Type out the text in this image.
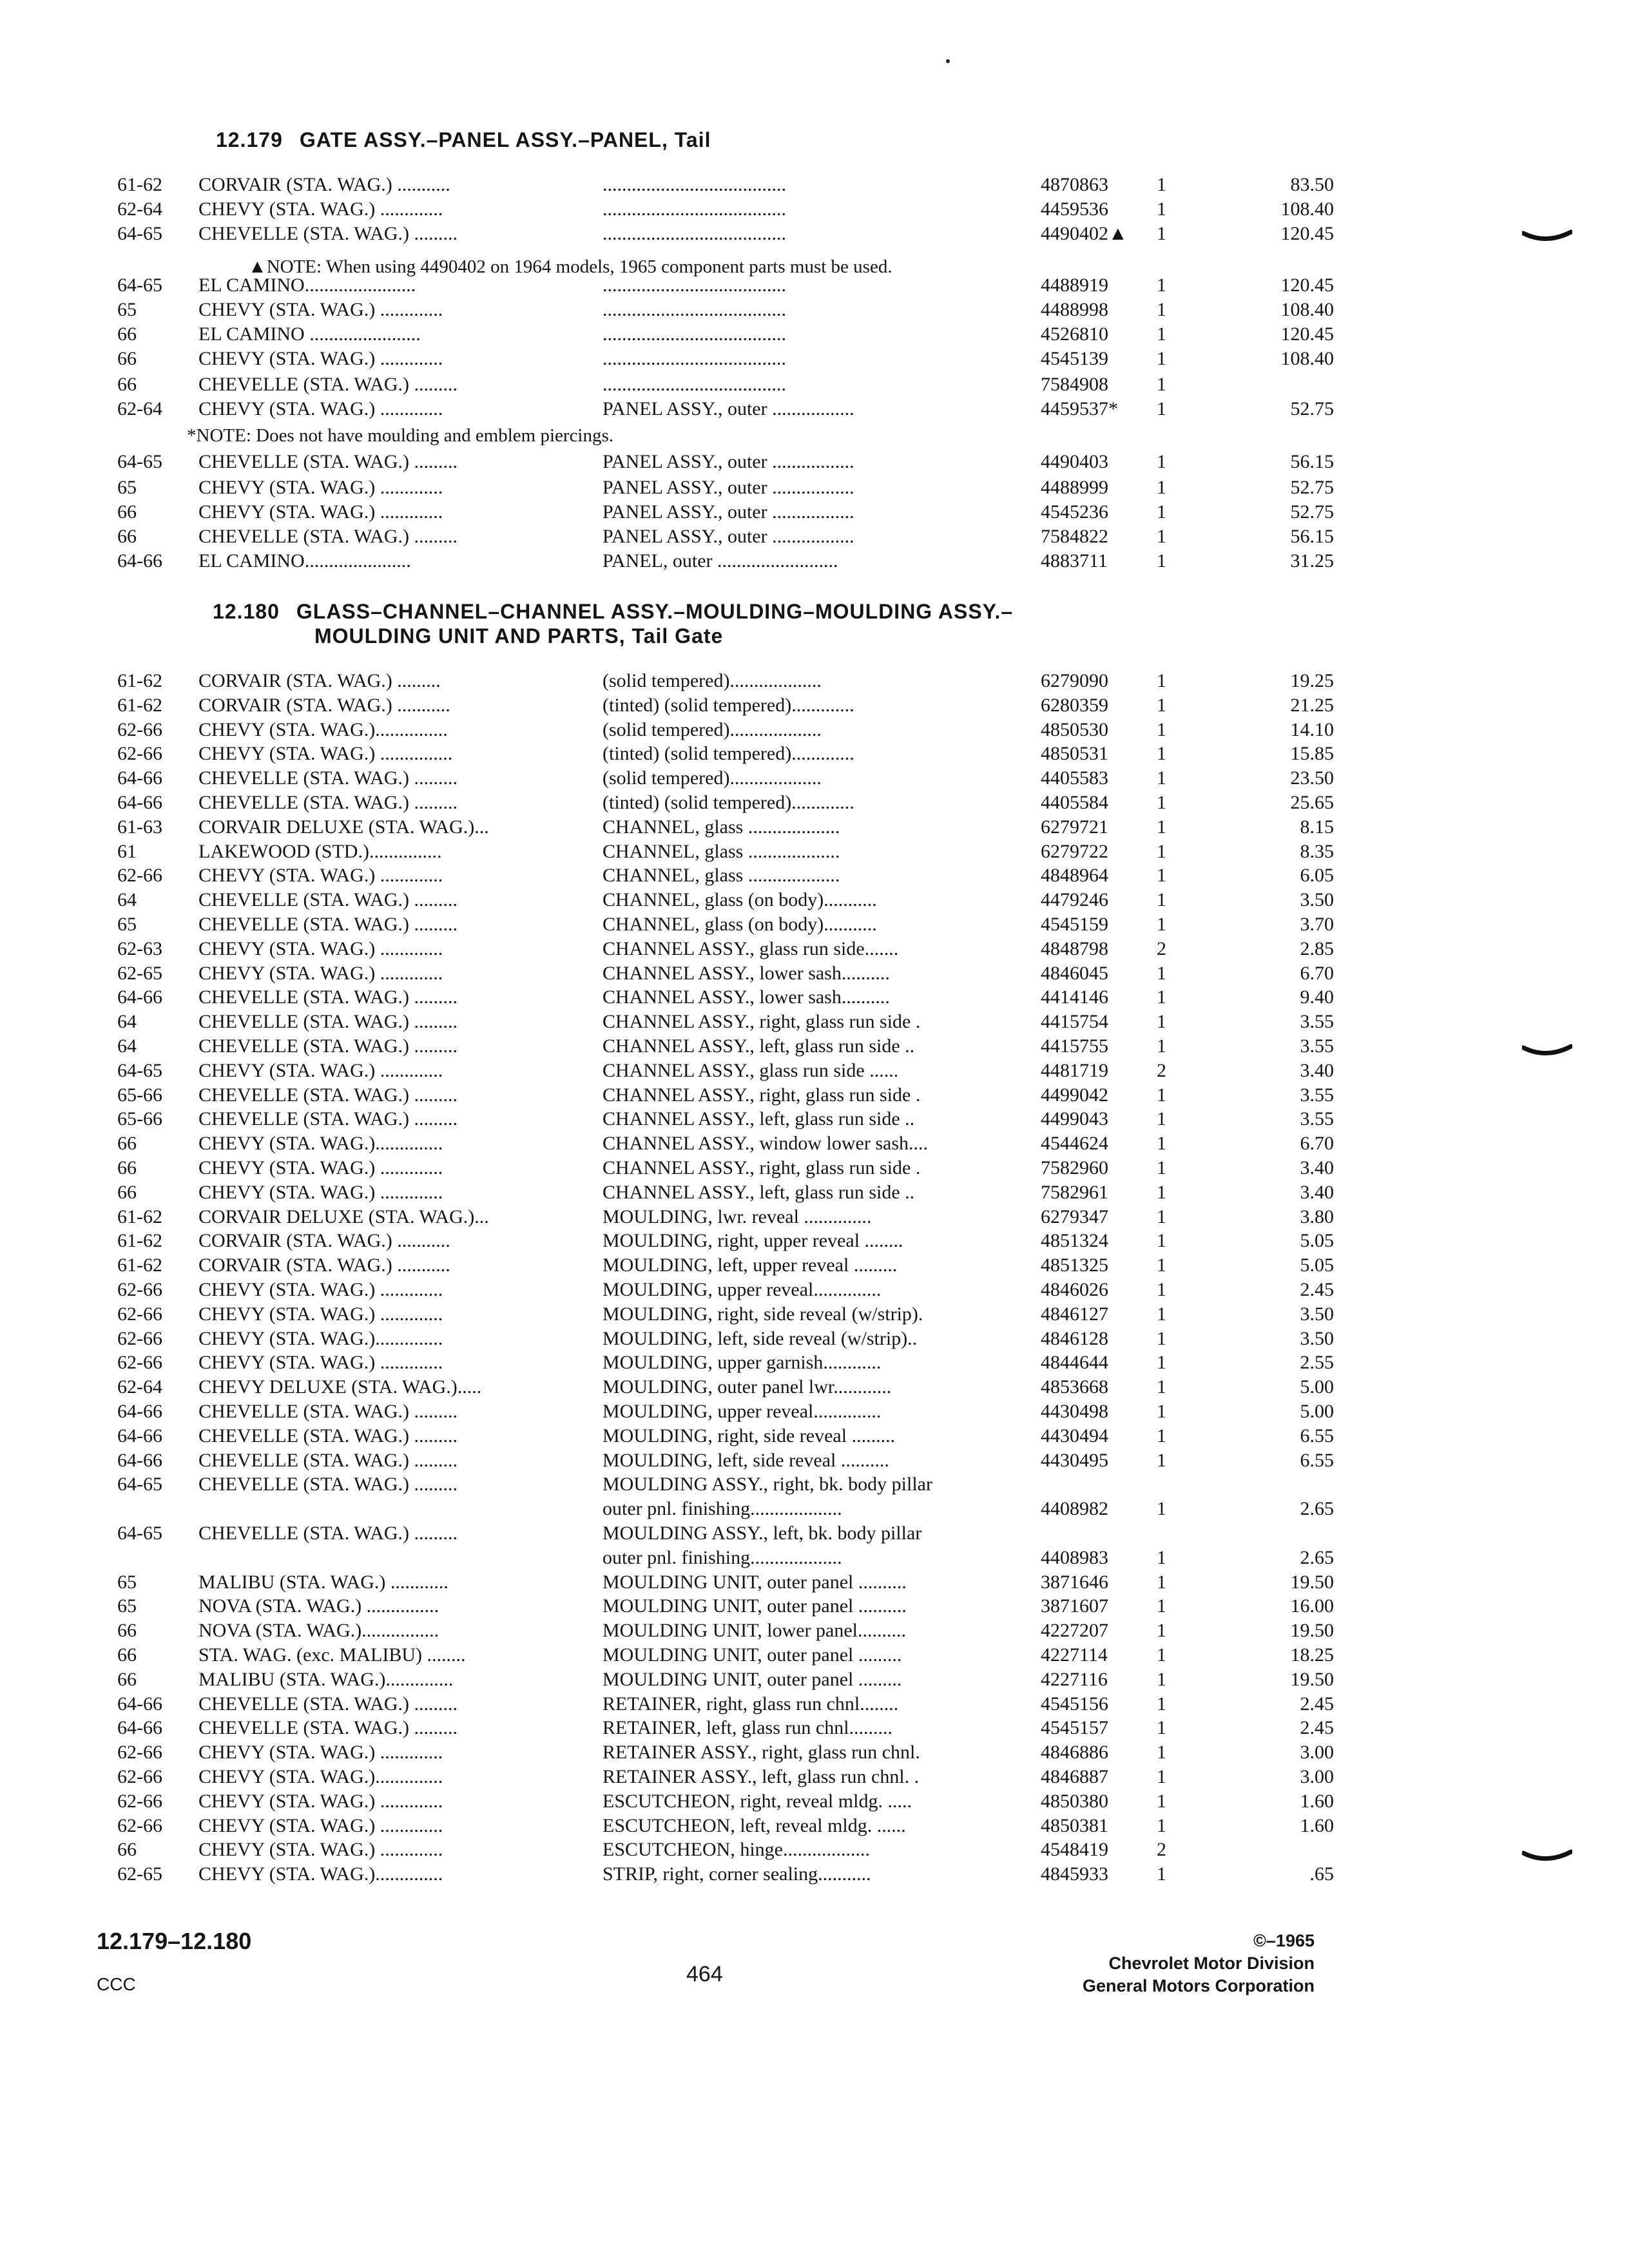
12.179 GATE ASSY.–PANEL ASSY.–PANEL, Tail
61-62 CORVAIR (STA. WAG.) ...........	......................................	4870863	1	83.50
62-64 CHEVY (STA. WAG.) .............	......................................	4459536	1	108.40
64-65 CHEVELLE (STA. WAG.) .........	......................................	4490402▲ 1	120.45
64-65 EL CAMINO.......................	......................................	4488919	1	120.45
65	CHEVY (STA. WAG.) .............	......................................	4488998	1	108.40
66	EL CAMINO .......................	......................................	4526810	1	120.45
66	CHEVY (STA. WAG.) .............	......................................	4545139	1	108.40
66	CHEVELLE (STA. WAG.) .........	......................................	7584908	1
62-64 CHEVY (STA. WAG.) .............	PANEL ASSY., outer .................	4459537* 1	52.75
64-65 CHEVELLE (STA. WAG.) .........	PANEL ASSY., outer .................	4490403	1	56.15
65	CHEVY (STA. WAG.) .............	PANEL ASSY., outer .................	4488999	1	52.75
66	CHEVY (STA. WAG.) .............	PANEL ASSY., outer .................	4545236	1	52.75
66	CHEVELLE (STA. WAG.) .........	PANEL ASSY., outer .................	7584822	1	56.15
64-66 EL CAMINO......................	PANEL, outer .........................	4883711	1	31.25
▲NOTE: When using 4490402 on 1964 models, 1965 component parts must be used.
*NOTE: Does not have moulding and emblem piercings.
12.180 GLASS–CHANNEL–CHANNEL ASSY.–MOULDING–MOULDING ASSY.–
MOULDING UNIT AND PARTS, Tail Gate
61-62 CORVAIR (STA. WAG.) .........	(solid tempered)...................	6279090	1	19.25
61-62 CORVAIR (STA. WAG.) ...........	(tinted) (solid tempered).............	6280359	1	21.25
62-66 CHEVY (STA. WAG.)...............	(solid tempered)...................	4850530	1	14.10
62-66 CHEVY (STA. WAG.) ...............	(tinted) (solid tempered).............	4850531	1	15.85
64-66 CHEVELLE (STA. WAG.) .........	(solid tempered)...................	4405583	1	23.50
64-66 CHEVELLE (STA. WAG.) .........	(tinted) (solid tempered).............	4405584	1	25.65
61-63 CORVAIR DELUXE (STA. WAG.)...	CHANNEL, glass ...................	6279721	1	8.15
61	LAKEWOOD (STD.)...............	CHANNEL, glass ...................	6279722	1	8.35
62-66 CHEVY (STA. WAG.) .............	CHANNEL, glass ...................	4848964	1	6.05
64	CHEVELLE (STA. WAG.) .........	CHANNEL, glass (on body)...........	4479246	1	3.50
65	CHEVELLE (STA. WAG.) .........	CHANNEL, glass (on body)...........	4545159	1	3.70
62-63 CHEVY (STA. WAG.) .............	CHANNEL ASSY., glass run side.......	4848798	2	2.85
62-65 CHEVY (STA. WAG.) .............	CHANNEL ASSY., lower sash..........	4846045	1	6.70
64-66 CHEVELLE (STA. WAG.) .........	CHANNEL ASSY., lower sash..........	4414146	1	9.40
64	CHEVELLE (STA. WAG.) .........	CHANNEL ASSY., right, glass run side .	4415754	1	3.55
64	CHEVELLE (STA. WAG.) .........	CHANNEL ASSY., left, glass run side ..	4415755	1	3.55
64-65 CHEVY (STA. WAG.) .............	CHANNEL ASSY., glass run side ......	4481719	2	3.40
65-66 CHEVELLE (STA. WAG.) .........	CHANNEL ASSY., right, glass run side .	4499042	1	3.55
65-66 CHEVELLE (STA. WAG.) .........	CHANNEL ASSY., left, glass run side ..	4499043	1	3.55
66	CHEVY (STA. WAG.)..............	CHANNEL ASSY., window lower sash....	4544624	1	6.70
66	CHEVY (STA. WAG.) .............	CHANNEL ASSY., right, glass run side .	7582960	1	3.40
66	CHEVY (STA. WAG.) .............	CHANNEL ASSY., left, glass run side ..	7582961	1	3.40
61-62 CORVAIR DELUXE (STA. WAG.)...	MOULDING, lwr. reveal ..............	6279347	1	3.80
61-62 CORVAIR (STA. WAG.) ...........	MOULDING, right, upper reveal ........	4851324	1	5.05
61-62 CORVAIR (STA. WAG.) ...........	MOULDING, left, upper reveal .........	4851325	1	5.05
62-66 CHEVY (STA. WAG.) .............	MOULDING, upper reveal..............	4846026	1	2.45
62-66 CHEVY (STA. WAG.) .............	MOULDING, right, side reveal (w/strip).	4846127	1	3.50
62-66 CHEVY (STA. WAG.)..............	MOULDING, left, side reveal (w/strip)..	4846128	1	3.50
62-66 CHEVY (STA. WAG.) .............	MOULDING, upper garnish............	4844644	1	2.55
62-64 CHEVY DELUXE (STA. WAG.).....	MOULDING, outer panel lwr............	4853668	1	5.00
64-66 CHEVELLE (STA. WAG.) .........	MOULDING, upper reveal..............	4430498	1	5.00
64-66 CHEVELLE (STA. WAG.) .........	MOULDING, right, side reveal .........	4430494	1	6.55
64-66 CHEVELLE (STA. WAG.) .........	MOULDING, left, side reveal ..........	4430495	1	6.55
64-65 CHEVELLE (STA. WAG.) .........	MOULDING ASSY., right, bk. body pillar
outer pnl. finishing...................	4408982	1	2.65
64-65 CHEVELLE (STA. WAG.) .........	MOULDING ASSY., left, bk. body pillar
outer pnl. finishing...................	4408983	1	2.65
65	MALIBU (STA. WAG.) ............	MOULDING UNIT, outer panel ..........	3871646	1	19.50
65	NOVA (STA. WAG.) ...............	MOULDING UNIT, outer panel ..........	3871607	1	16.00
66	NOVA (STA. WAG.)................	MOULDING UNIT, lower panel..........	4227207	1	19.50
66	STA. WAG. (exc. MALIBU) ........	MOULDING UNIT, outer panel .........	4227114	1	18.25
66	MALIBU (STA. WAG.)..............	MOULDING UNIT, outer panel .........	4227116	1	19.50
64-66 CHEVELLE (STA. WAG.) .........	RETAINER, right, glass run chnl........	4545156	1	2.45
64-66 CHEVELLE (STA. WAG.) .........	RETAINER, left, glass run chnl.........	4545157	1	2.45
62-66 CHEVY (STA. WAG.) .............	RETAINER ASSY., right, glass run chnl.	4846886	1	3.00
62-66 CHEVY (STA. WAG.)..............	RETAINER ASSY., left, glass run chnl. .	4846887	1	3.00
62-66 CHEVY (STA. WAG.) .............	ESCUTCHEON, right, reveal mldg. .....	4850380	1	1.60
62-66 CHEVY (STA. WAG.) .............	ESCUTCHEON, left, reveal mldg. ......	4850381	1	1.60
66	CHEVY (STA. WAG.) .............	ESCUTCHEON, hinge..................	4548419	2
62-65 CHEVY (STA. WAG.)..............	STRIP, right, corner sealing...........	4845933	1	.65
12.179–12.180
CCC	464
©–1965
Chevrolet Motor Division
General Motors Corporation
